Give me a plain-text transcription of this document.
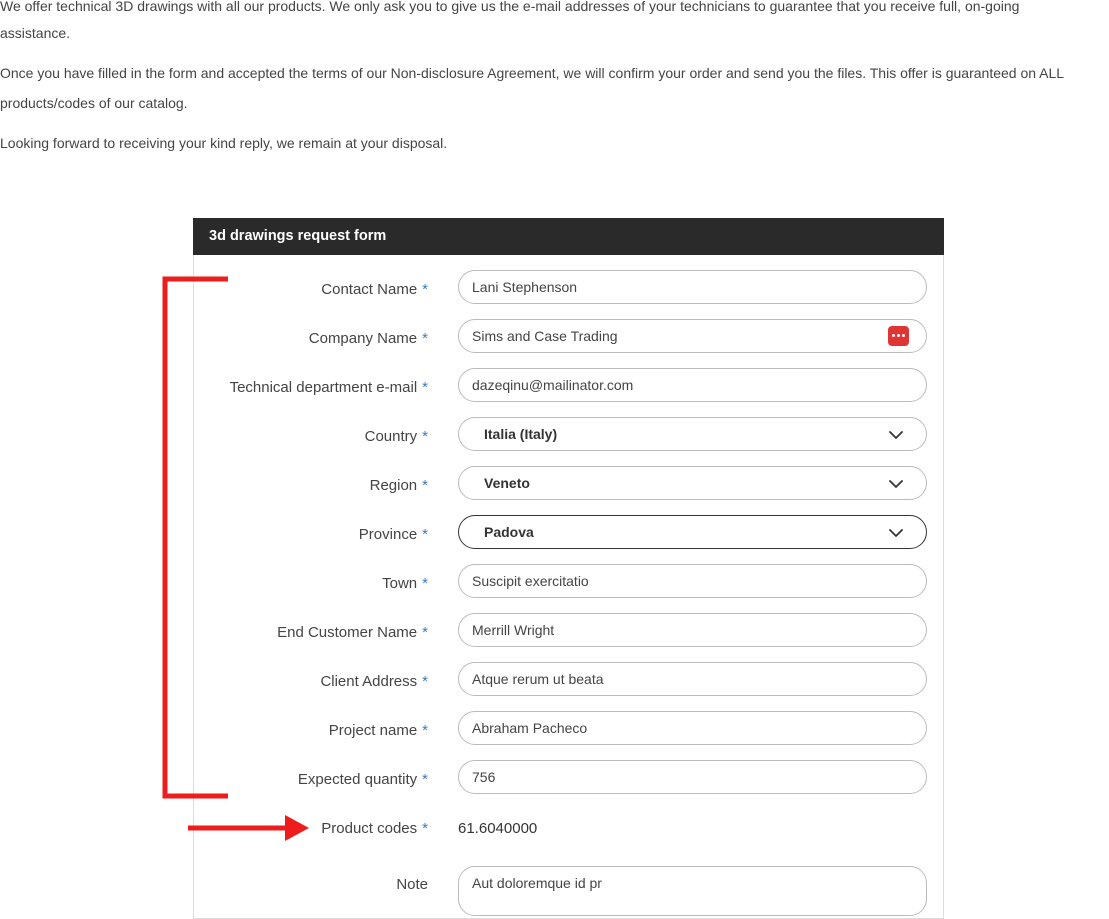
We offer technical 3D drawings with all our products. We only ask you to give us the e-mail addresses of your technicians to guarantee that you receive full, on-going

assistance.

Once you have filled in the form and accepted the terms of our Non-disclosure Agreement, we will confirm your order and send you the files. This offer is guaranteed on ALL

products/codes of our catalog.

Looking forward to receiving your kind reply, we remain at your disposal.

3d drawings request form
Contact Name *	Lani Stephenson
Company Name *	Sims and Case Trading
Technical department e-mail *	dazeqinu@mailinator.com
Country *	Italia (Italy)
Region *	Veneto
Province *	Padova
Town *	Suscipit exercitatio
End Customer Name *	Merrill Wright
Client Address *	Atque rerum ut beata
Project name *	Abraham Pacheco
Expected quantity *	756
Product codes * 61.6040000
Note	Aut doloremque id pr
